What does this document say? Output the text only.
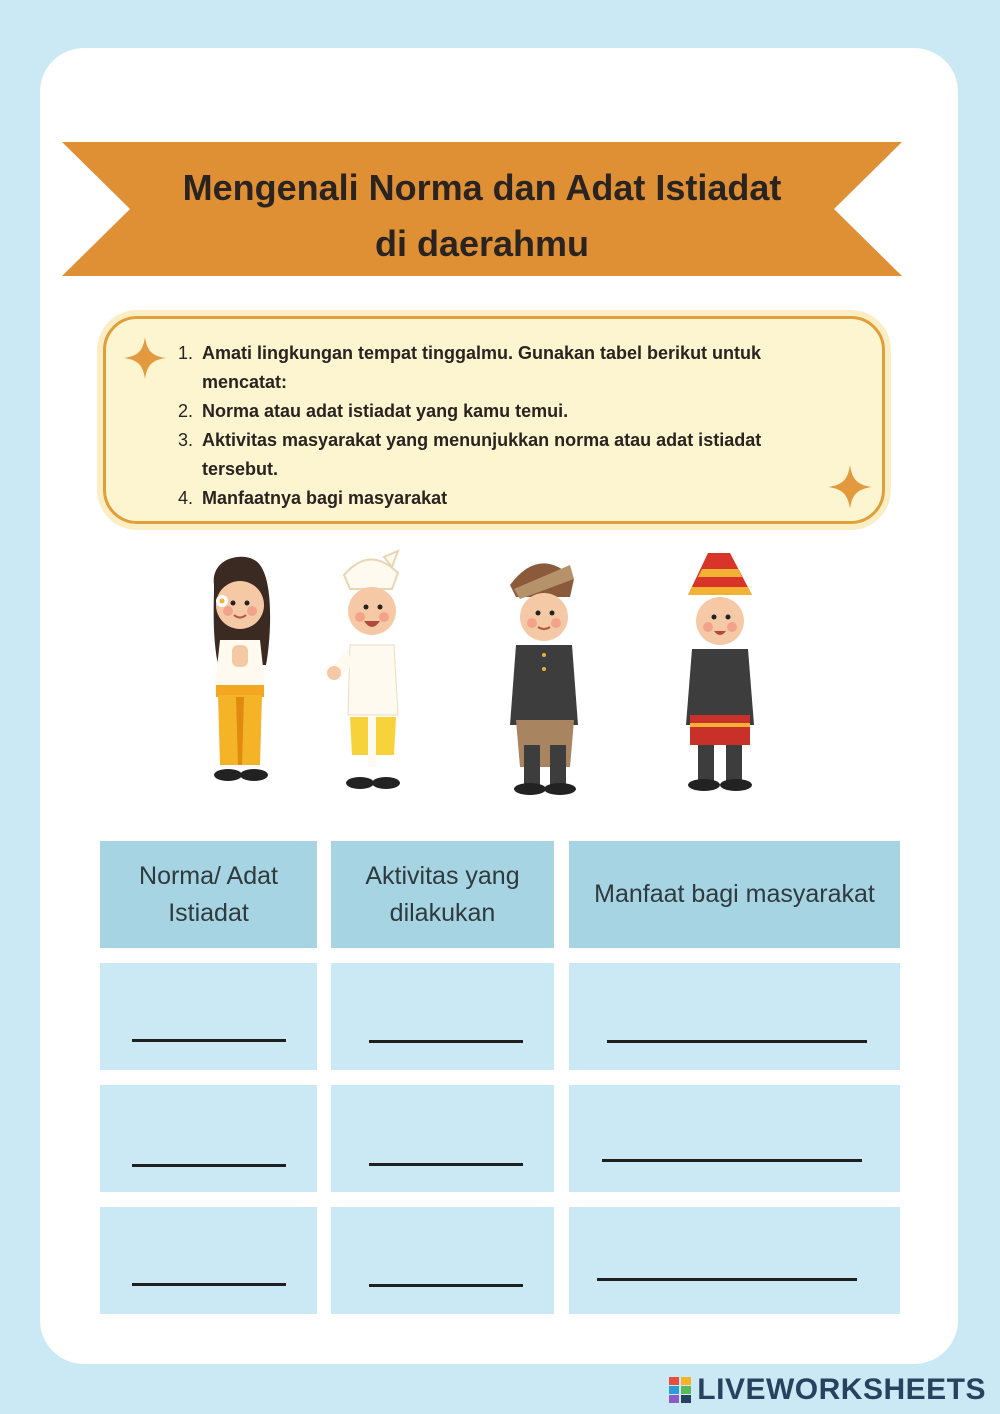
Mengenali Norma dan Adat Istiadat
di daerahmu
1. Amati lingkungan tempat tinggalmu. Gunakan tabel berikut untuk mencatat:
2. Norma atau adat istiadat yang kamu temui.
3. Aktivitas masyarakat yang menunjukkan norma atau adat istiadat tersebut.
4. Manfaatnya bagi masyarakat
Norma/ Adat Istiadat
Aktivitas yang dilakukan
Manfaat bagi masyarakat
LIVEWORKSHEETS
